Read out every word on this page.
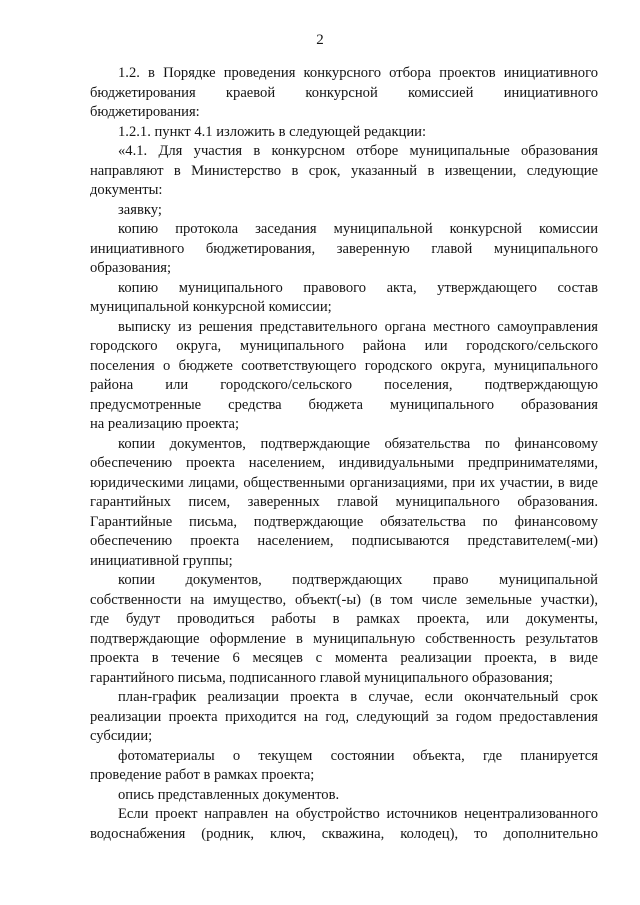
2
1.2. в Порядке проведения конкурсного отбора проектов инициативного
бюджетирования краевой конкурсной комиссией инициативного
бюджетирования:
1.2.1. пункт 4.1 изложить в следующей редакции:
«4.1. Для участия в конкурсном отборе муниципальные образования
направляют в Министерство в срок, указанный в извещении, следующие
документы:
заявку;
копию протокола заседания муниципальной конкурсной комиссии
инициативного бюджетирования, заверенную главой муниципального
образования;
копию муниципального правового акта, утверждающего состав
муниципальной конкурсной комиссии;
выписку из решения представительного органа местного самоуправления
городского округа, муниципального района или городского/сельского
поселения о бюджете соответствующего городского округа, муниципального
района или городского/сельского поселения, подтверждающую
предусмотренные средства бюджета муниципального образования
на реализацию проекта;
копии документов, подтверждающие обязательства по финансовому
обеспечению проекта населением, индивидуальными предпринимателями,
юридическими лицами, общественными организациями, при их участии, в виде
гарантийных писем, заверенных главой муниципального образования.
Гарантийные письма, подтверждающие обязательства по финансовому
обеспечению проекта населением, подписываются представителем(-ми)
инициативной группы;
копии документов, подтверждающих право муниципальной
собственности на имущество, объект(-ы) (в том числе земельные участки),
где будут проводиться работы в рамках проекта, или документы,
подтверждающие оформление в муниципальную собственность результатов
проекта в течение 6 месяцев с момента реализации проекта, в виде
гарантийного письма, подписанного главой муниципального образования;
план-график реализации проекта в случае, если окончательный срок
реализации проекта приходится на год, следующий за годом предоставления
субсидии;
фотоматериалы о текущем состоянии объекта, где планируется
проведение работ в рамках проекта;
опись представленных документов.
Если проект направлен на обустройство источников нецентрализованного
водоснабжения (родник, ключ, скважина, колодец), то дополнительно
